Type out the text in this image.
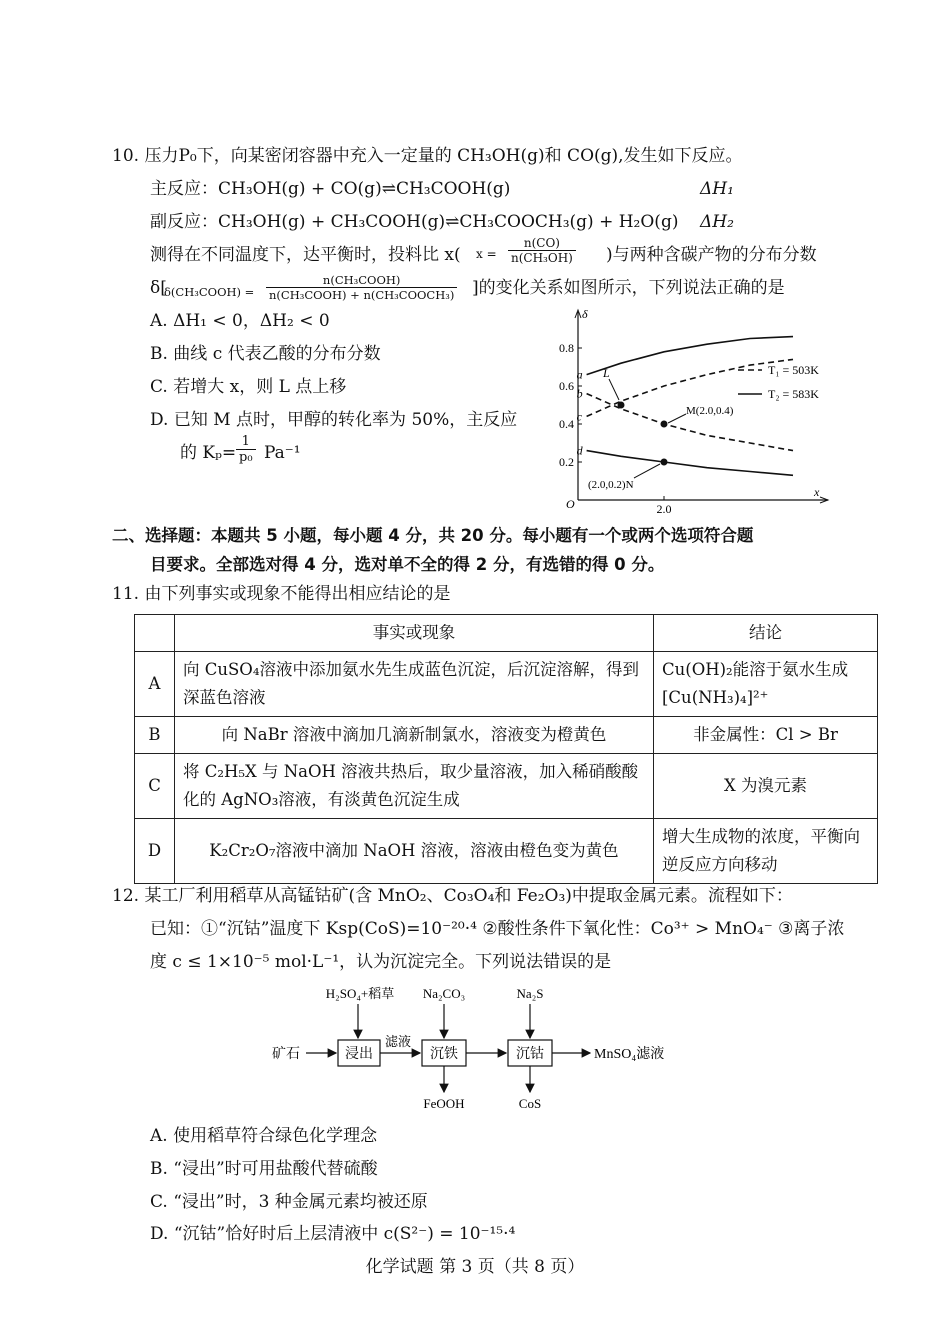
10. 压力P₀下，向某密闭容器中充入一定量的 CH₃OH(g)和 CO(g),发生如下反应。
主反应：CH₃OH(g) + CO(g)⇌CH₃COOH(g)	ΔH₁
副反应：CH₃OH(g) + CH₃COOH(g)⇌CH₃COOCH₃(g) + H₂O(g) ΔH₂
测得在不同温度下，达平衡时，投料比 x( x =
n(CO)
n(CH₃OH) )与两种含碳产物的分布分数
δ[
δ(CH₃COOH) =
n(CH₃COOH)
n(CH₃COOH) + n(CH₃COOCH₃) ]的变化关系如图所示，下列说法正确的是
A. ΔH₁ < 0，ΔH₂ < 0
B. 曲线 c 代表乙酸的分布分数
C. 若增大 x，则 L 点上移
D. 已知 M 点时，甲醇的转化率为 50%，主反应
的 $K_p= \frac{1}{\text{p₀}} Pa^{-1}$
δ
x
O
0.2
0.4
0.6
0.8
2.0
a
c
b
d
L
M(2.0,0.4)
(2.0,0.2)N
T₁ = 503K
T₂ = 583K
二、选择题：本题共 5 小题，每小题 4 分，共 20 分。每小题有一个或两个选项符合题
目要求。全部选对得 4 分，选对单不全的得 2 分，有选错的得 0 分。
11. 由下列事实或现象不能得出相应结论的是
	事实或现象	结论
A	向 CuSO₄溶液中添加氨水先生成蓝色沉淀，后沉淀溶解，得到深蓝色溶液	Cu(OH)₂能溶于氨水生成[Cu(NH₃)₄]²⁺
B	向 NaBr 溶液中滴加几滴新制氯水，溶液变为橙黄色	非金属性：Cl > Br
C	将 C₂H₅X 与 NaOH 溶液共热后，取少量溶液，加入稀硝酸酸化的 AgNO₃溶液，有淡黄色沉淀生成	X 为溴元素
D	K₂Cr₂O₇溶液中滴加 NaOH 溶液，溶液由橙色变为黄色	增大生成物的浓度，平衡向逆反应方向移动
12. 某工厂利用稻草从高锰钴矿(含 MnO₂、Co₃O₄和 Fe₂O₃)中提取金属元素。流程如下：
已知：①“沉钴”温度下 Ksp(CoS)=10⁻²⁰·⁴ ②酸性条件下氧化性：Co³⁺ > MnO₄⁻ ③离子浓
度 c ≤ 1×10⁻⁵ mol·L⁻¹，认为沉淀完全。下列说法错误的是
H₂SO₄+稻草 Na₂CO₃	Na₂S
矿石	浸出
滤液
沉铁	沉钴	MnSO₄滤液
FeOOH	CoS
A. 使用稻草符合绿色化学理念
B. “浸出”时可用盐酸代替硫酸
C. “浸出”时，3 种金属元素均被还原
D. “沉钴”恰好时后上层清液中 c(S²⁻) = 10⁻¹⁵·⁴
化学试题 第 3 页（共 8 页）
